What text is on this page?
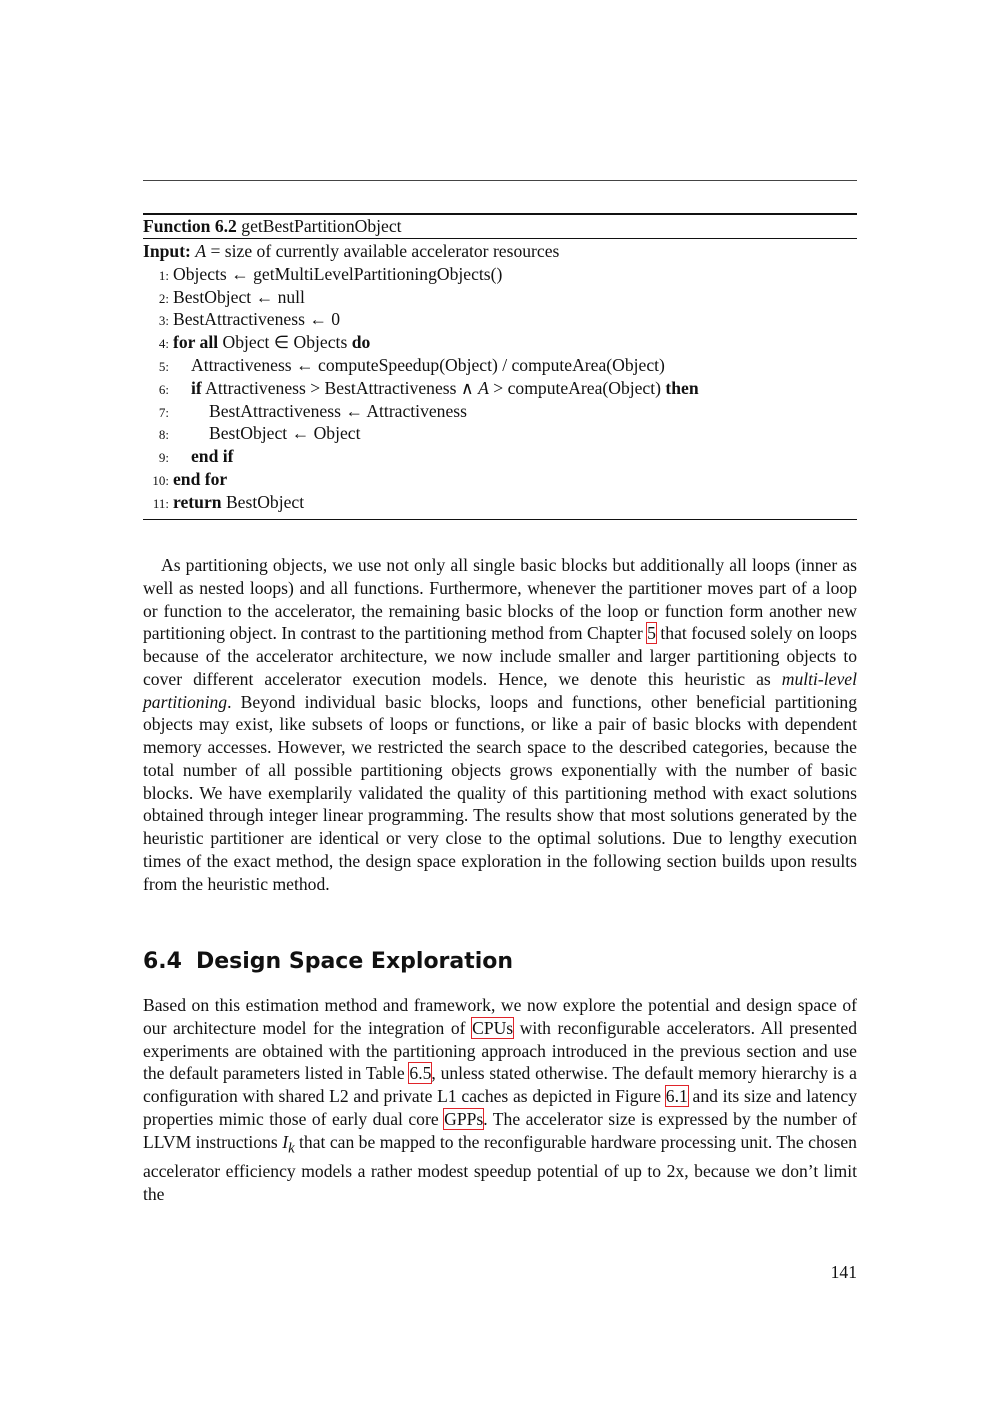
Function 6.2 getBestPartitionObject
Input: A = size of currently available accelerator resources
1: Objects ← getMultiLevelPartitioningObjects()
2: BestObject ← null
3: BestAttractiveness ← 0
4: for all Object ∈ Objects do
5: Attractiveness ← computeSpeedup(Object) / computeArea(Object)
6: if Attractiveness > BestAttractiveness ∧ A > computeArea(Object) then
7: BestAttractiveness ← Attractiveness
8: BestObject ← Object
9: end if
10: end for
11: return BestObject

As partitioning objects, we use not only all single basic blocks but additionally all loops (inner as well as nested loops) and all functions. Furthermore, whenever the partitioner moves part of a loop or function to the accelerator, the remaining basic blocks of the loop or function form another new partitioning object. In contrast to the partitioning method from Chapter 5 that focused solely on loops because of the accelerator architecture, we now include smaller and larger partitioning objects to cover different accelerator execution models. Hence, we denote this heuristic as multi-level partitioning. Beyond individual basic blocks, loops and functions, other beneficial partitioning objects may exist, like subsets of loops or functions, or like a pair of basic blocks with dependent memory accesses. However, we restricted the search space to the described categories, because the total number of all possible partitioning objects grows exponentially with the number of basic blocks. We have exemplarily validated the quality of this partitioning method with exact solutions obtained through integer linear programming. The results show that most solutions generated by the heuristic partitioner are identical or very close to the optimal solutions. Due to lengthy execution times of the exact method, the design space exploration in the following section builds upon results from the heuristic method.

6.4 Design Space Exploration

Based on this estimation method and framework, we now explore the potential and design space of our architecture model for the integration of CPUs with reconfigurable accelerators. All presented experiments are obtained with the partitioning approach introduced in the previous section and use the default parameters listed in Table 6.5, unless stated otherwise. The default memory hierarchy is a configuration with shared L2 and private L1 caches as depicted in Figure 6.1 and its size and latency properties mimic those of early dual core GPPs. The accelerator size is expressed by the number of LLVM instructions $I_k$ that can be mapped to the reconfigurable hardware processing unit. The chosen accelerator efficiency models a rather modest speedup potential of up to 2x, because we don’t limit the

141
